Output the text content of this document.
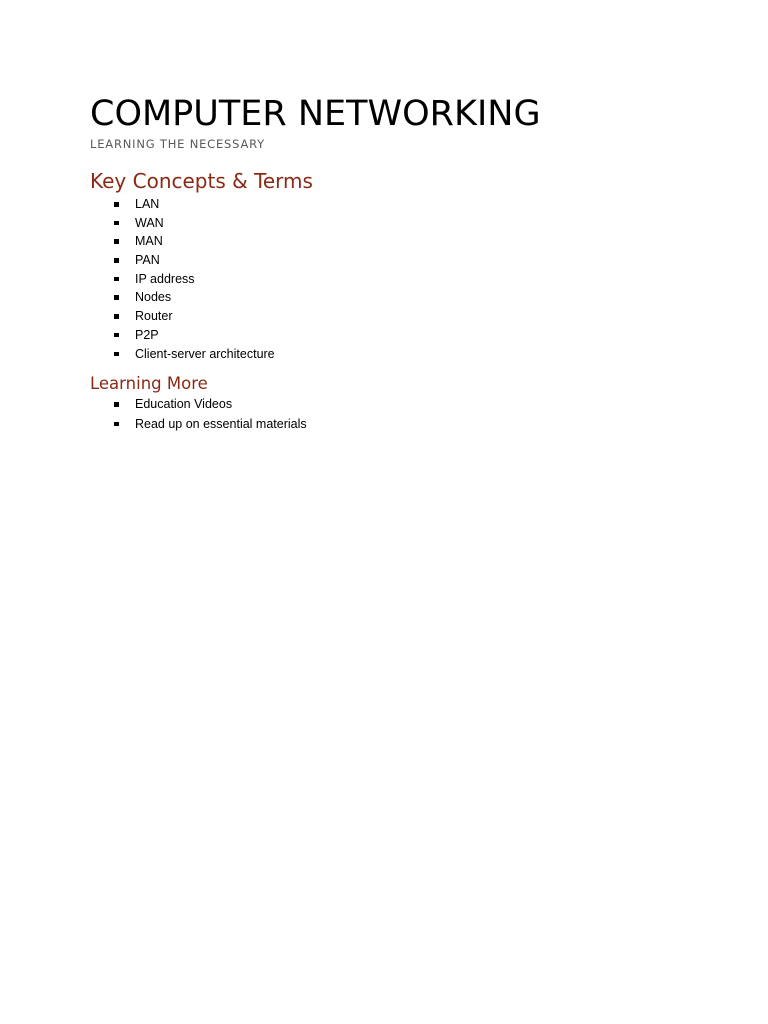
COMPUTER NETWORKING

LEARNING THE NECESSARY

Key Concepts & Terms
LAN
WAN
MAN
PAN
IP address
Nodes
Router
P2P
Client-server architecture
Learning More
Education Videos
Read up on essential materials
